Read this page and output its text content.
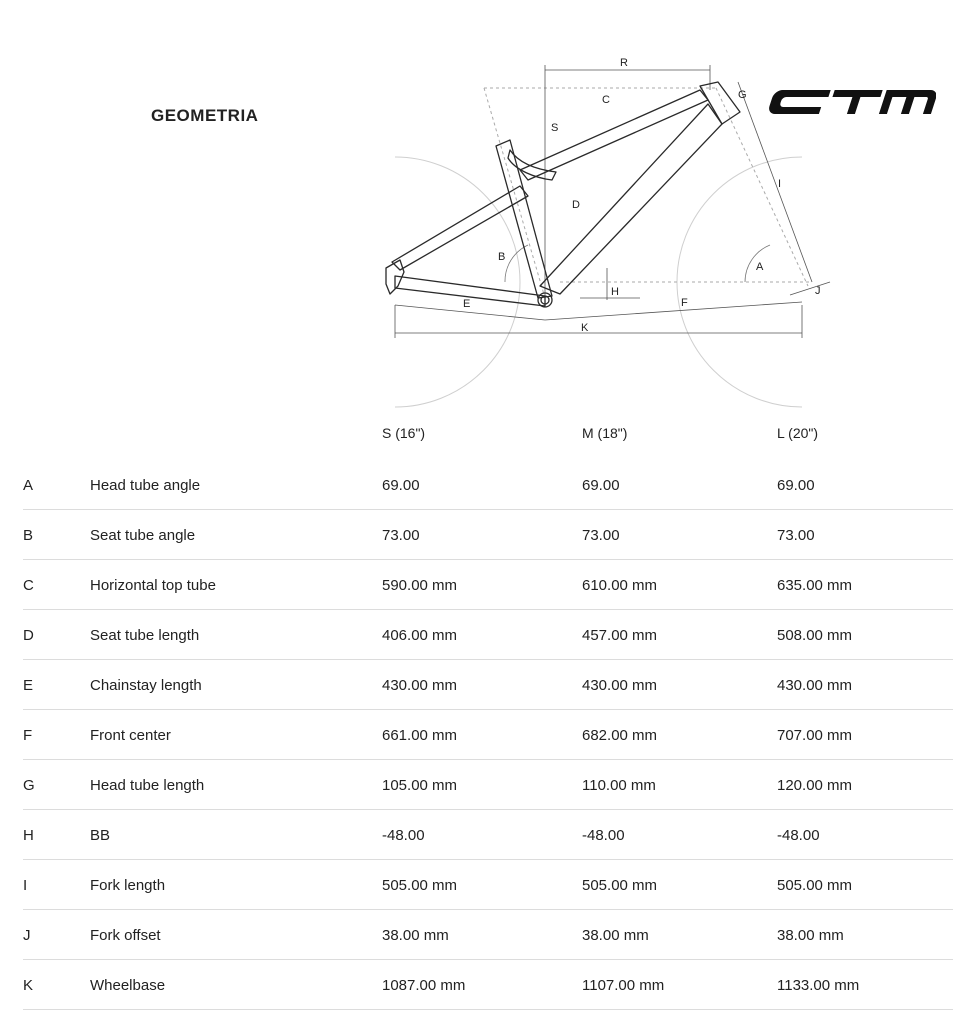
GEOMETRIA
R
C	G
S
I
D
B
A
H	J
E	F
K
S (16")	M (18")	L (20")
A	Head tube angle	69.00	69.00	69.00
B	Seat tube angle	73.00	73.00	73.00
C	Horizontal top tube	590.00 mm	610.00 mm	635.00 mm
D	Seat tube length	406.00 mm	457.00 mm	508.00 mm
E	Chainstay length	430.00 mm	430.00 mm	430.00 mm
F	Front center	661.00 mm	682.00 mm	707.00 mm
G	Head tube length	105.00 mm	110.00 mm	120.00 mm
H	BB	-48.00	-48.00	-48.00
I	Fork length	505.00 mm	505.00 mm	505.00 mm
J	Fork offset	38.00 mm	38.00 mm	38.00 mm
K	Wheelbase	1087.00 mm	1107.00 mm	1133.00 mm
